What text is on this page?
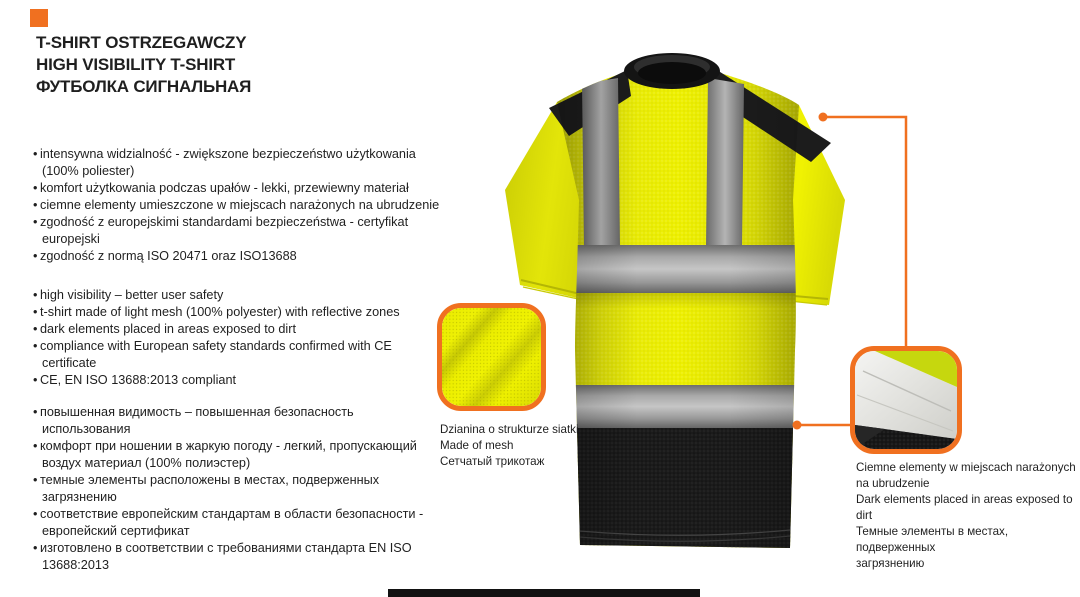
T-SHIRT OSTRZEGAWCZY
HIGH VISIBILITY T-SHIRT
ФУТБОЛКА СИГНАЛЬНАЯ
• intensywna widzialność - zwiększone bezpieczeństwo użytkowania (100% poliester)
• komfort użytkowania podczas upałów - lekki, przewiewny materiał
• ciemne elementy umieszczone w miejscach narażonych na ubrudzenie
• zgodność z europejskimi standardami bezpieczeństwa - certyfikat europejski
• zgodność z normą ISO 20471 oraz ISO13688
• high visibility – better user safety
• t-shirt made of light mesh (100% polyester) with reflective zones
• dark elements placed in areas exposed to dirt
• compliance with European safety standards confirmed with CE certificate
• CE, EN ISO 13688:2013 compliant
• повышенная видимость – повышенная безопасность использования
• комфорт при ношении в жаркую погоду - легкий, пропускающий воздух материал (100% полиэстер)
• темные элементы расположены в местах, подверженных загрязнению
• соответствие европейским стандартам в области безопасности - европейский сертификат
• изготовлено в соответствии с требованиями стандарта EN ISO 13688:2013
Dzianina o strukturze siatki
Made of mesh
Сетчатый трикотаж	Ciemne elementy w miejscach narażonych
na ubrudzenie
Dark elements placed in areas exposed to dirt
Темные элементы в местах, подверженных
загрязнению
